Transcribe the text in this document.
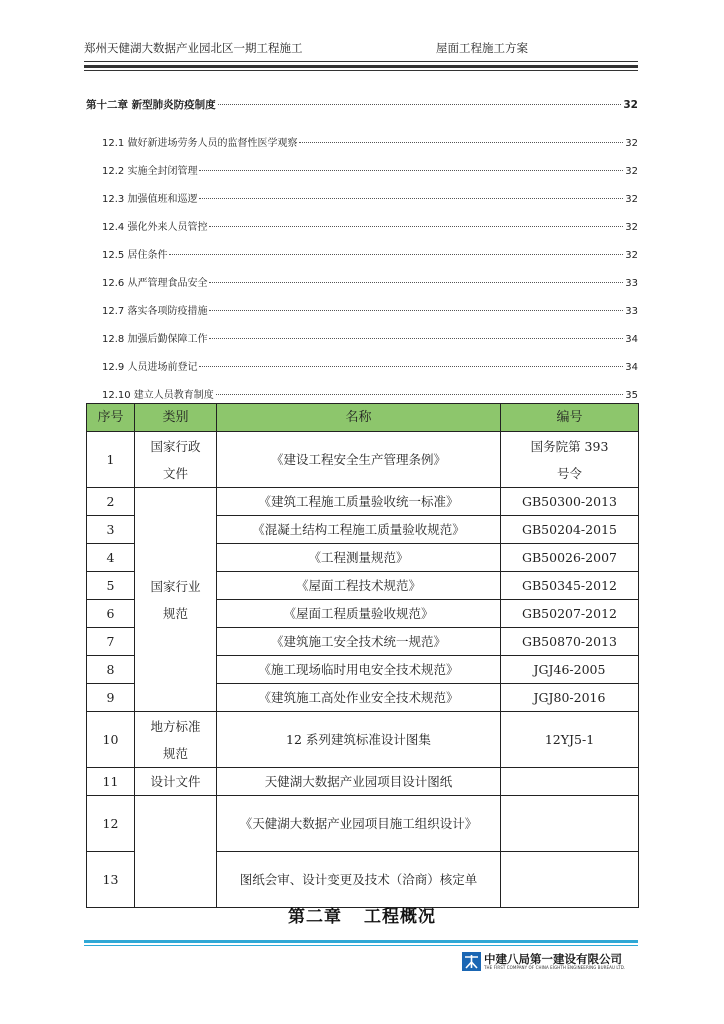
郑州天健湖大数据产业园北区一期工程施工	屋面工程施工方案
第十二章 新型肺炎防疫制度	32
12.1 做好新进场劳务人员的监督性医学观察	32
12.2 实施全封闭管理	32
12.3 加强值班和巡逻	32
12.4 强化外来人员管控	32
12.5 居住条件	32
12.6 从严管理食品安全	33
12.7 落实各项防疫措施	33
12.8 加强后勤保障工作	34
12.9 人员进场前登记	34
12.10 建立人员教育制度	35
序号	类别	名称	编号
1	国家行政文件	《建设工程安全生产管理条例》	国务院第 393 号令
2	国家行业规范	《建筑工程施工质量验收统一标准》	GB50300-2013
3		《混凝土结构工程施工质量验收规范》	GB50204-2015
4		《工程测量规范》	GB50026-2007
5		《屋面工程技术规范》	GB50345-2012
6		《屋面工程质量验收规范》	GB50207-2012
7		《建筑施工安全技术统一规范》	GB50870-2013
8		《施工现场临时用电安全技术规范》	JGJ46-2005
9		《建筑施工高处作业安全技术规范》	JGJ80-2016
10	地方标准规范	12 系列建筑标准设计图集	12YJ5-1
11	设计文件	天健湖大数据产业园项目设计图纸	
12		《天健湖大数据产业园项目施工组织设计》	
13		图纸会审、设计变更及技术（洽商）核定单	
第二章 工程概况
中建八局第一建设有限公司
THE FIRST COMPANY OF CHINA EIGHTH ENGINEERING BUREAU LTD.
